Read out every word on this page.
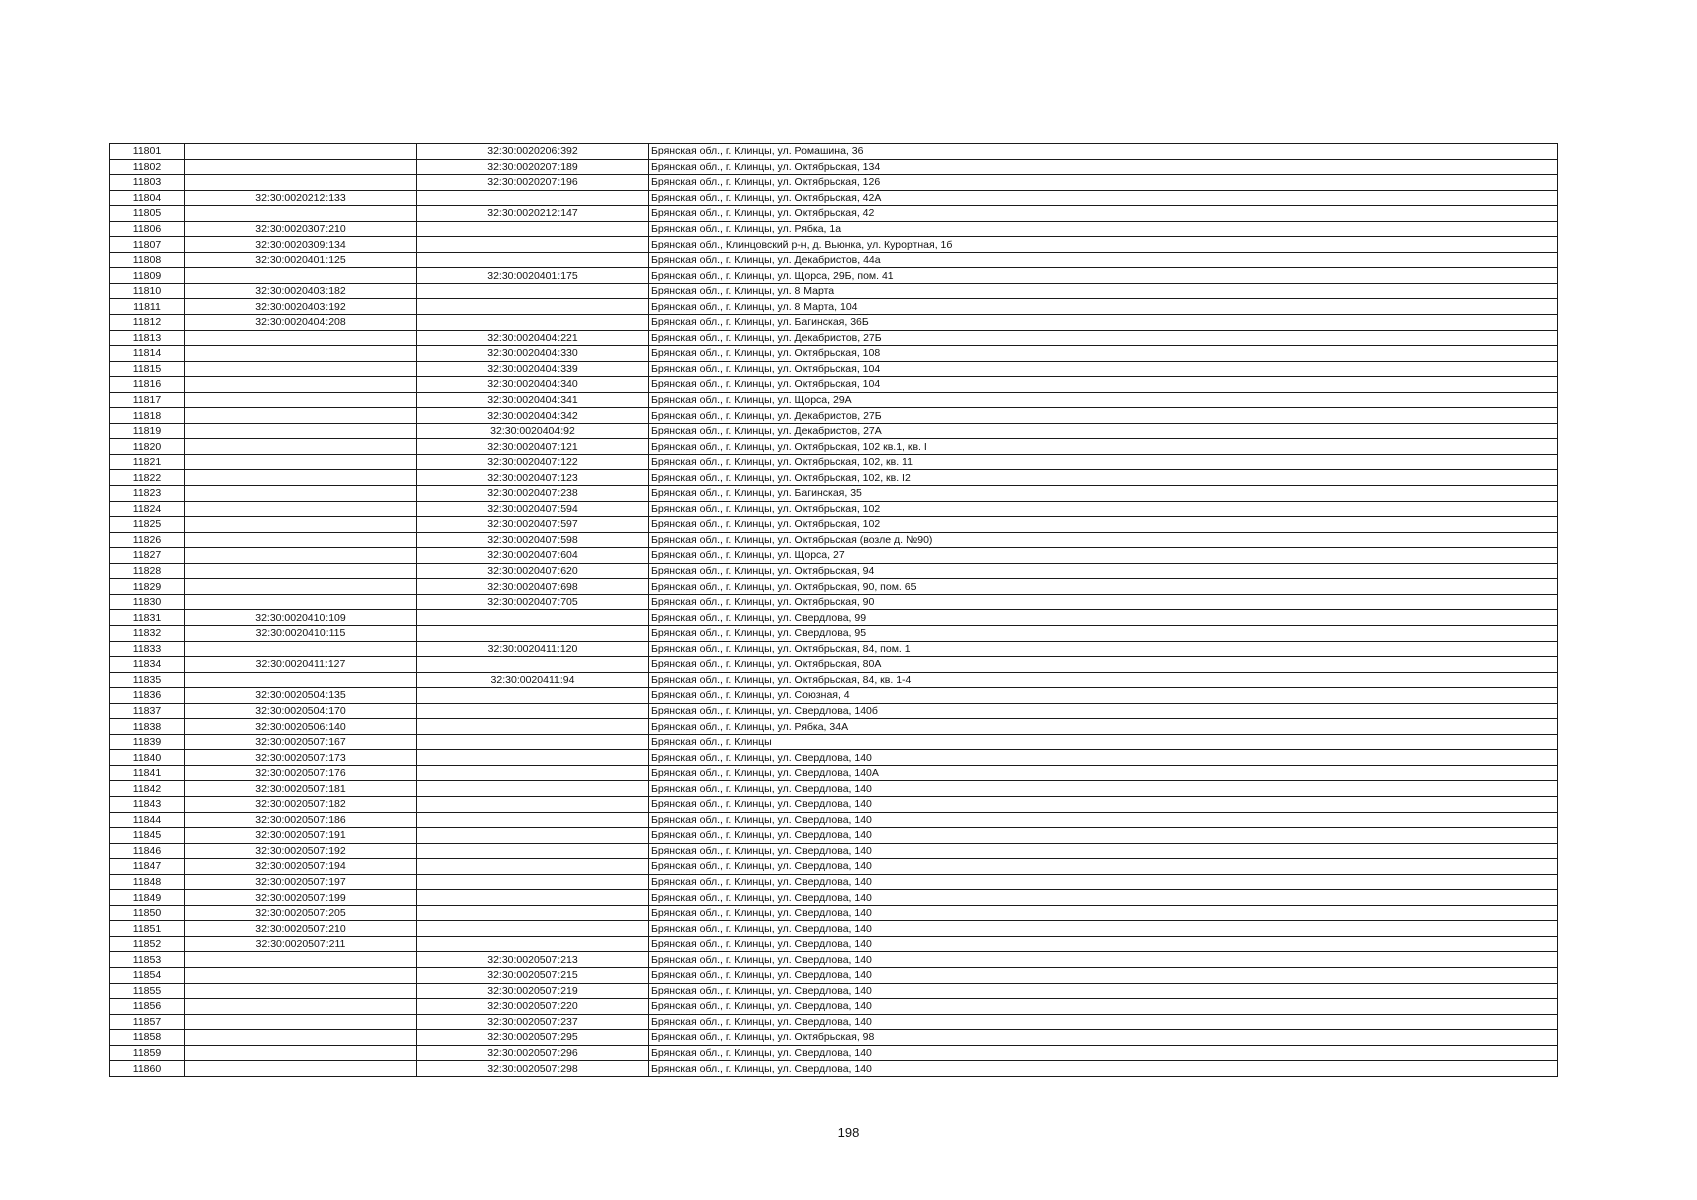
11801		32:30:0020206:392	Брянская обл., г. Клинцы, ул. Ромашина, 36
11802		32:30:0020207:189	Брянская обл., г. Клинцы, ул. Октябрьская, 134
11803		32:30:0020207:196	Брянская обл., г. Клинцы, ул. Октябрьская, 126
11804	32:30:0020212:133		Брянская обл., г. Клинцы, ул. Октябрьская, 42А
11805		32:30:0020212:147	Брянская обл., г. Клинцы, ул. Октябрьская, 42
11806	32:30:0020307:210		Брянская обл., г. Клинцы, ул. Рябка, 1а
11807	32:30:0020309:134		Брянская обл., Клинцовский р-н, д. Вьюнка, ул. Курортная, 1б
11808	32:30:0020401:125		Брянская обл., г. Клинцы, ул. Декабристов, 44а
11809		32:30:0020401:175	Брянская обл., г. Клинцы, ул. Щорса, 29Б, пом. 41
11810	32:30:0020403:182		Брянская обл., г. Клинцы, ул. 8 Марта
11811	32:30:0020403:192		Брянская обл., г. Клинцы, ул. 8 Марта, 104
11812	32:30:0020404:208		Брянская обл., г. Клинцы, ул. Багинская, 36Б
11813		32:30:0020404:221	Брянская обл., г. Клинцы, ул. Декабристов, 27Б
11814		32:30:0020404:330	Брянская обл., г. Клинцы, ул. Октябрьская, 108
11815		32:30:0020404:339	Брянская обл., г. Клинцы, ул. Октябрьская, 104
11816		32:30:0020404:340	Брянская обл., г. Клинцы, ул. Октябрьская, 104
11817		32:30:0020404:341	Брянская обл., г. Клинцы, ул. Щорса, 29А
11818		32:30:0020404:342	Брянская обл., г. Клинцы, ул. Декабристов, 27Б
11819		32:30:0020404:92	Брянская обл., г. Клинцы, ул. Декабристов, 27А
11820		32:30:0020407:121	Брянская обл., г. Клинцы, ул. Октябрьская, 102 кв.1, кв. I
11821		32:30:0020407:122	Брянская обл., г. Клинцы, ул. Октябрьская, 102, кв. 11
11822		32:30:0020407:123	Брянская обл., г. Клинцы, ул. Октябрьская, 102, кв. I2
11823		32:30:0020407:238	Брянская обл., г. Клинцы, ул. Багинская, 35
11824		32:30:0020407:594	Брянская обл., г. Клинцы, ул. Октябрьская, 102
11825		32:30:0020407:597	Брянская обл., г. Клинцы, ул. Октябрьская, 102
11826		32:30:0020407:598	Брянская обл., г. Клинцы, ул. Октябрьская (возле д. №90)
11827		32:30:0020407:604	Брянская обл., г. Клинцы, ул. Щорса, 27
11828		32:30:0020407:620	Брянская обл., г. Клинцы, ул. Октябрьская, 94
11829		32:30:0020407:698	Брянская обл., г. Клинцы, ул. Октябрьская, 90, пом. 65
11830		32:30:0020407:705	Брянская обл., г. Клинцы, ул. Октябрьская, 90
11831	32:30:0020410:109		Брянская обл., г. Клинцы, ул. Свердлова, 99
11832	32:30:0020410:115		Брянская обл., г. Клинцы, ул. Свердлова, 95
11833		32:30:0020411:120	Брянская обл., г. Клинцы, ул. Октябрьская, 84, пом. 1
11834	32:30:0020411:127		Брянская обл., г. Клинцы, ул. Октябрьская, 80А
11835		32:30:0020411:94	Брянская обл., г. Клинцы, ул. Октябрьская, 84, кв. 1-4
11836	32:30:0020504:135		Брянская обл., г. Клинцы, ул. Союзная, 4
11837	32:30:0020504:170		Брянская обл., г. Клинцы, ул. Свердлова, 140б
11838	32:30:0020506:140		Брянская обл., г. Клинцы, ул. Рябка, 34А
11839	32:30:0020507:167		Брянская обл., г. Клинцы
11840	32:30:0020507:173		Брянская обл., г. Клинцы, ул. Свердлова, 140
11841	32:30:0020507:176		Брянская обл., г. Клинцы, ул. Свердлова, 140А
11842	32:30:0020507:181		Брянская обл., г. Клинцы, ул. Свердлова, 140
11843	32:30:0020507:182		Брянская обл., г. Клинцы, ул. Свердлова, 140
11844	32:30:0020507:186		Брянская обл., г. Клинцы, ул. Свердлова, 140
11845	32:30:0020507:191		Брянская обл., г. Клинцы, ул. Свердлова, 140
11846	32:30:0020507:192		Брянская обл., г. Клинцы, ул. Свердлова, 140
11847	32:30:0020507:194		Брянская обл., г. Клинцы, ул. Свердлова, 140
11848	32:30:0020507:197		Брянская обл., г. Клинцы, ул. Свердлова, 140
11849	32:30:0020507:199		Брянская обл., г. Клинцы, ул. Свердлова, 140
11850	32:30:0020507:205		Брянская обл., г. Клинцы, ул. Свердлова, 140
11851	32:30:0020507:210		Брянская обл., г. Клинцы, ул. Свердлова, 140
11852	32:30:0020507:211		Брянская обл., г. Клинцы, ул. Свердлова, 140
11853		32:30:0020507:213	Брянская обл., г. Клинцы, ул. Свердлова, 140
11854		32:30:0020507:215	Брянская обл., г. Клинцы, ул. Свердлова, 140
11855		32:30:0020507:219	Брянская обл., г. Клинцы, ул. Свердлова, 140
11856		32:30:0020507:220	Брянская обл., г. Клинцы, ул. Свердлова, 140
11857		32:30:0020507:237	Брянская обл., г. Клинцы, ул. Свердлова, 140
11858		32:30:0020507:295	Брянская обл., г. Клинцы, ул. Октябрьская, 98
11859		32:30:0020507:296	Брянская обл., г. Клинцы, ул. Свердлова, 140
11860		32:30:0020507:298	Брянская обл., г. Клинцы, ул. Свердлова, 140
198
